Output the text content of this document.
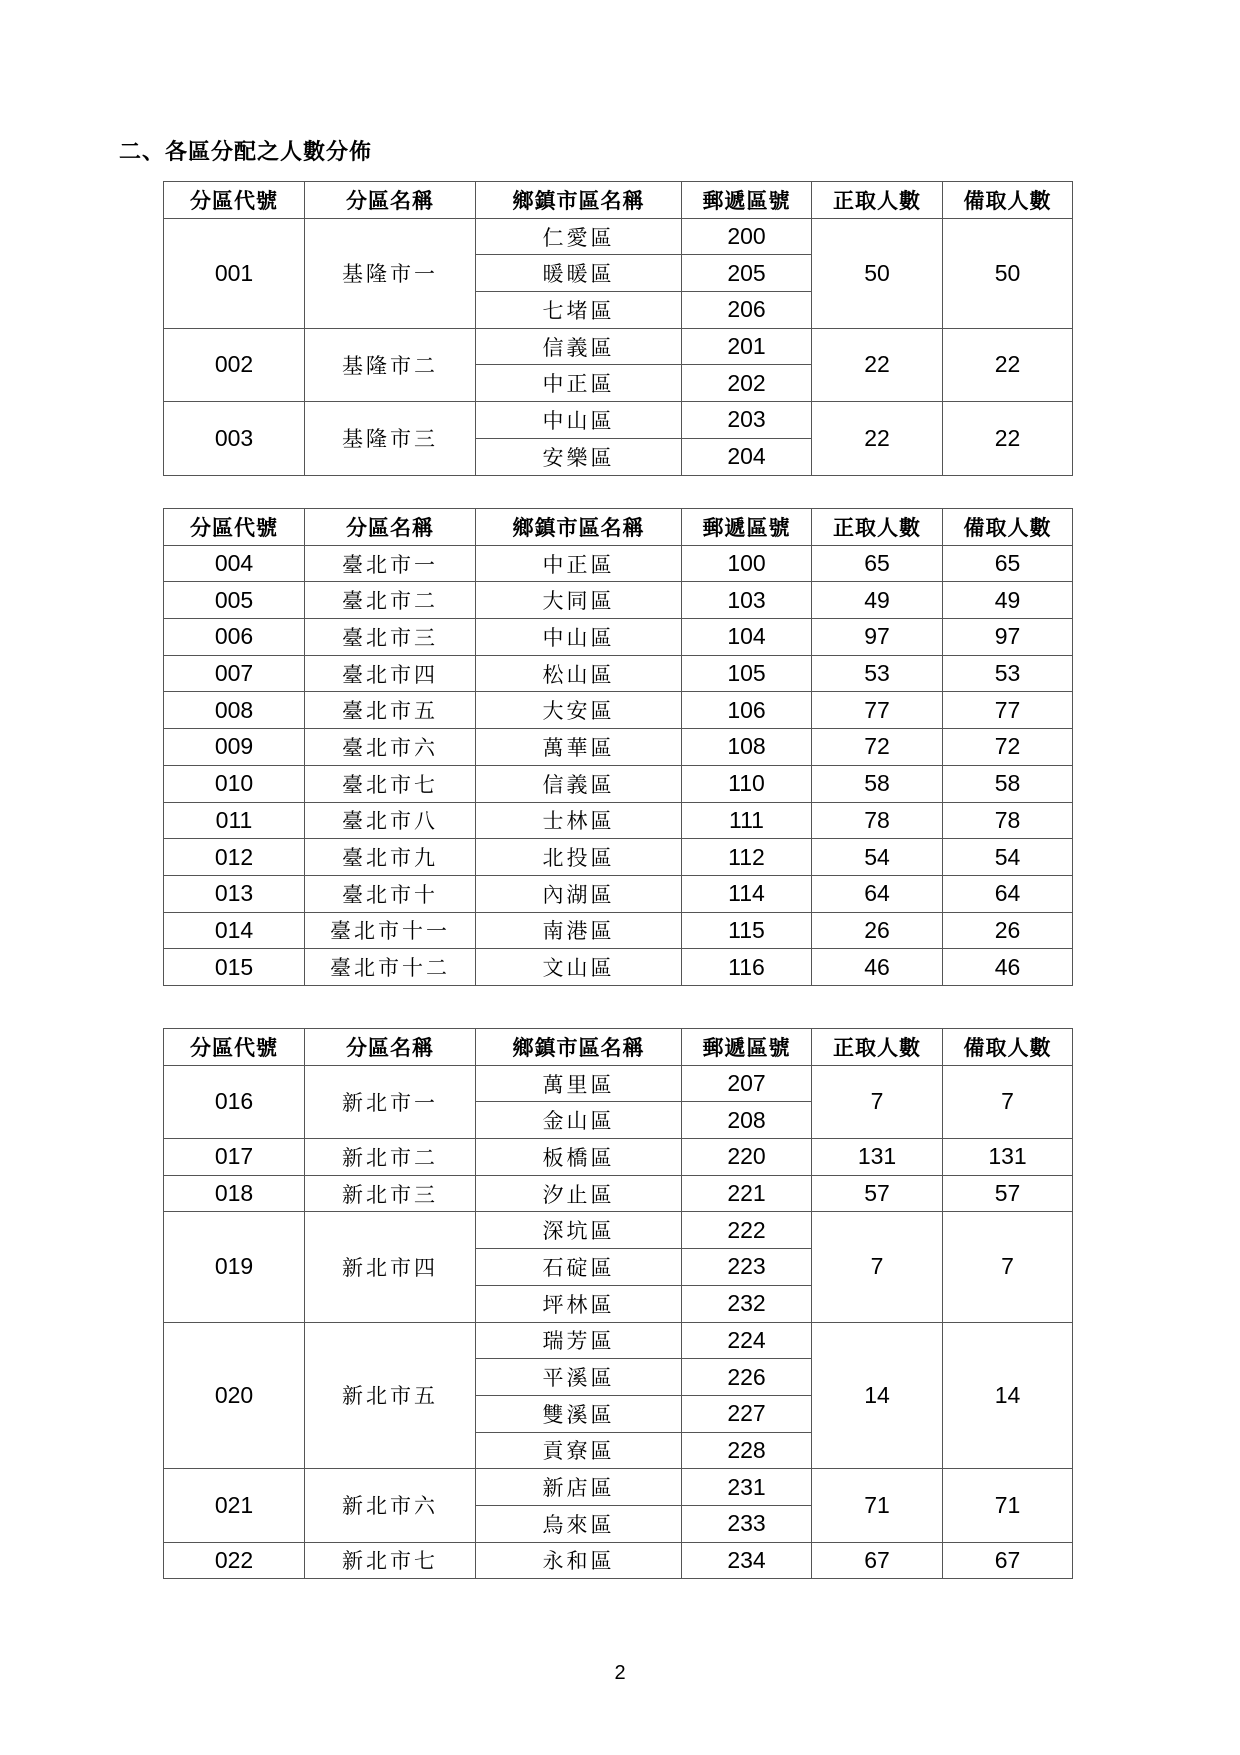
二、各區分配之人數分佈
分區代號	分區名稱	鄉鎮市區名稱	郵遞區號	正取人數	備取人數
001	基隆市一	仁愛區	200	50	50
		暖暖區	205		
		七堵區	206		
002	基隆市二	信義區	201	22	22
		中正區	202		
003	基隆市三	中山區	203	22	22
		安樂區	204		
分區代號	分區名稱	鄉鎮市區名稱	郵遞區號	正取人數	備取人數
004	臺北市一	中正區	100	65	65
005	臺北市二	大同區	103	49	49
006	臺北市三	中山區	104	97	97
007	臺北市四	松山區	105	53	53
008	臺北市五	大安區	106	77	77
009	臺北市六	萬華區	108	72	72
010	臺北市七	信義區	110	58	58
011	臺北市八	士林區	111	78	78
012	臺北市九	北投區	112	54	54
013	臺北市十	內湖區	114	64	64
014	臺北市十一	南港區	115	26	26
015	臺北市十二	文山區	116	46	46
分區代號	分區名稱	鄉鎮市區名稱	郵遞區號	正取人數	備取人數
016	新北市一	萬里區	207	7	7
		金山區	208		
017	新北市二	板橋區	220	131	131
018	新北市三	汐止區	221	57	57
019	新北市四	深坑區	222	7	7
		石碇區	223		
		坪林區	232		
020	新北市五	瑞芳區	224	14	14
		平溪區	226		
		雙溪區	227		
		貢寮區	228		
021	新北市六	新店區	231	71	71
		烏來區	233		
022	新北市七	永和區	234	67	67
2
